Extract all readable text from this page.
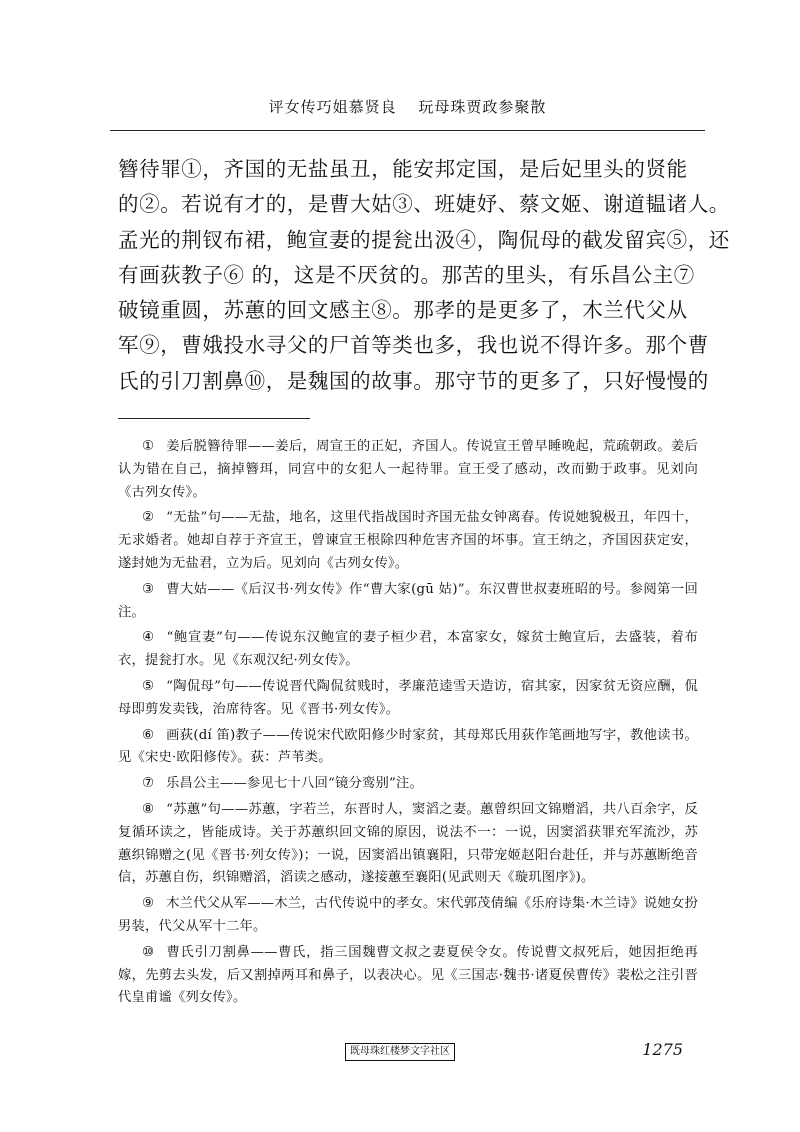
评女传巧姐慕贤良 玩母珠贾政参聚散

簪待罪①，齐国的无盐虽丑，能安邦定国，是后妃里头的贤能

的②。若说有才的，是曹大姑③、班婕妤、蔡文姬、谢道韫诸人。

孟光的荆钗布裙，鲍宣妻的提瓮出汲④，陶侃母的截发留宾⑤，还

有画荻教子⑥ 的，这是不厌贫的。那苦的里头，有乐昌公主⑦

破镜重圆，苏蕙的回文感主⑧。那孝的是更多了，木兰代父从

军⑨，曹娥投水寻父的尸首等类也多，我也说不得许多。那个曹

氏的引刀割鼻⑩，是魏国的故事。那守节的更多了，只好慢慢的

① 姜后脱簪待罪——姜后，周宣王的正妃，齐国人。传说宣王曾早睡晚起，荒疏朝政。姜后认为错在自己，摘掉簪珥，同宫中的女犯人一起待罪。宣王受了感动，改而勤于政事。见刘向《古列女传》。

② “无盐”句——无盐，地名，这里代指战国时齐国无盐女钟离春。传说她貌极丑，年四十，无求婚者。她却自荐于齐宣王，曾谏宣王根除四种危害齐国的坏事。宣王纳之，齐国因获定安，遂封她为无盐君，立为后。见刘向《古列女传》。

③ 曹大姑——《后汉书·列女传》作“曹大家(gū 姑)”。东汉曹世叔妻班昭的号。参阅第一回注。

④ “鲍宣妻”句——传说东汉鲍宣的妻子桓少君，本富家女，嫁贫士鲍宣后，去盛装，着布衣，提瓮打水。见《东观汉纪·列女传》。

⑤ “陶侃母”句——传说晋代陶侃贫贱时，孝廉范逵雪天造访，宿其家，因家贫无资应酬，侃母即剪发卖钱，治席待客。见《晋书·列女传》。

⑥ 画荻(dí 笛)教子——传说宋代欧阳修少时家贫，其母郑氏用荻作笔画地写字，教他读书。见《宋史·欧阳修传》。荻：芦苇类。

⑦ 乐昌公主——参见七十八回“镜分鸾别”注。

⑧ “苏蕙”句——苏蕙，字若兰，东晋时人，窦滔之妻。蕙曾织回文锦赠滔，共八百余字，反复循环读之，皆能成诗。关于苏蕙织回文锦的原因，说法不一：一说，因窦滔获罪充军流沙，苏蕙织锦赠之(见《晋书·列女传》)；一说，因窦滔出镇襄阳，只带宠姬赵阳台赴任，并与苏蕙断绝音信，苏蕙自伤，织锦赠滔，滔读之感动，遂接蕙至襄阳(见武则天《璇玑图序》)。

⑨ 木兰代父从军——木兰，古代传说中的孝女。宋代郭茂倩编《乐府诗集·木兰诗》说她女扮男装，代父从军十二年。

⑩ 曹氏引刀割鼻——曹氏，指三国魏曹文叔之妻夏侯令女。传说曹文叔死后，她因拒绝再嫁，先剪去头发，后又割掉两耳和鼻子，以表决心。见《三国志·魏书·诸夏侯曹传》裴松之注引晋代皇甫谧《列女传》。

既母珠红楼梦文字社区	1275
